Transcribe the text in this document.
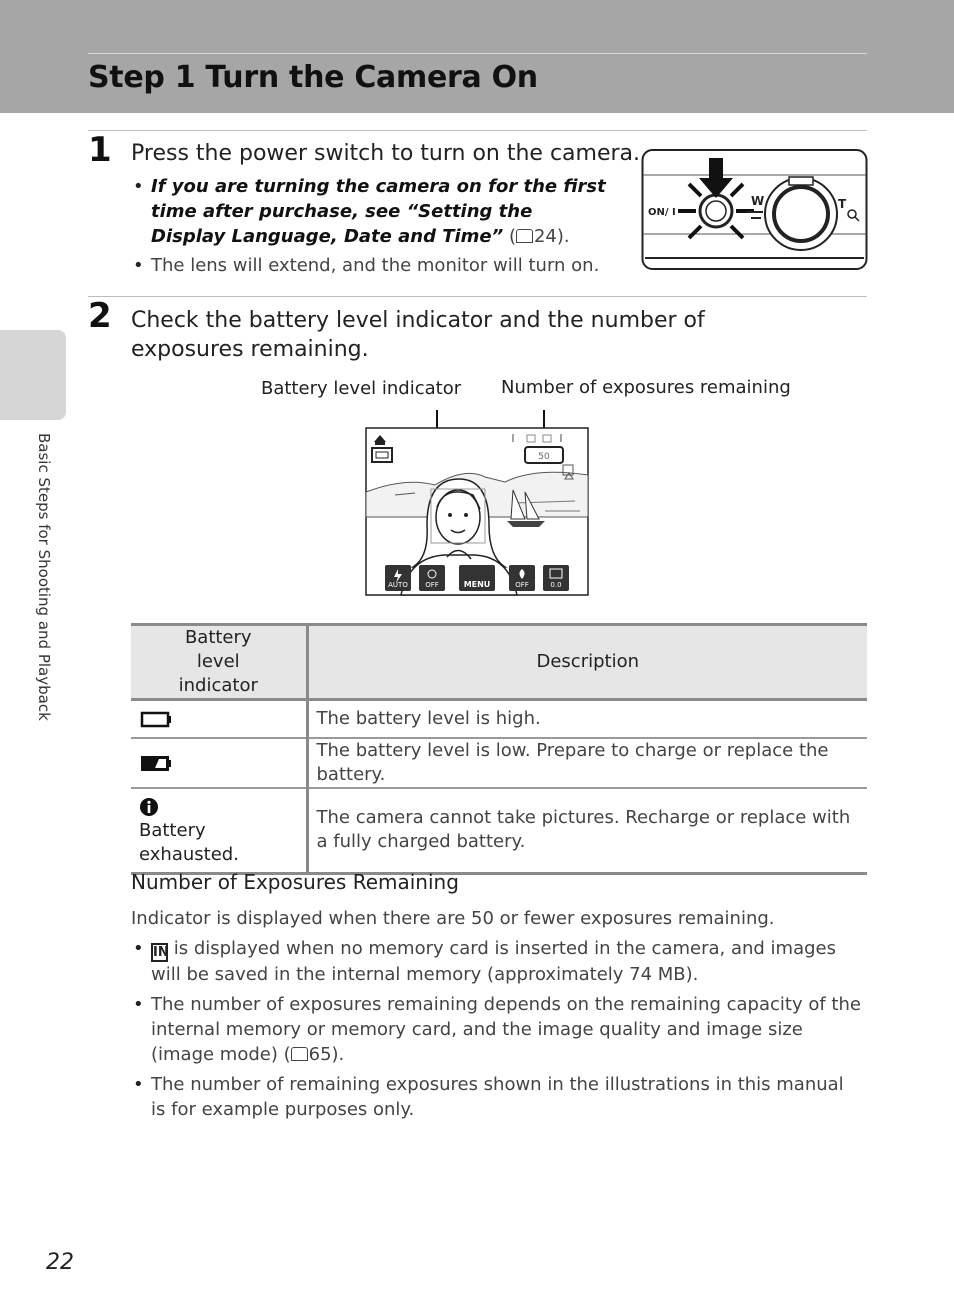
Step 1 Turn the Camera On
Basic Steps for Shooting and Playback
1 Press the power switch to turn on the camera.
• If you are turning the camera on for the first time after purchase, see “Setting the Display Language, Date and Time” ( 24).
• The lens will extend, and the monitor will turn on.
ON/ I
W	T
2 Check the battery level indicator and the number of exposures remaining.
Battery level indicator Number of exposures remaining
50
AUTO OFF	MENU	OFF	0.0
Battery level indicator	Description
	The battery level is high.
	The battery level is low. Prepare to charge or replace the battery.

Battery exhausted.	The camera cannot take pictures. Recharge or replace with a fully charged battery.
Number of Exposures Remaining
Indicator is displayed when there are 50 or fewer exposures remaining.
• IN is displayed when no memory card is inserted in the camera, and images will be saved in the internal memory (approximately 74 MB).
• The number of exposures remaining depends on the remaining capacity of the internal memory or memory card, and the image quality and image size (image mode) ( 65).
• The number of remaining exposures shown in the illustrations in this manual is for example purposes only.
22
